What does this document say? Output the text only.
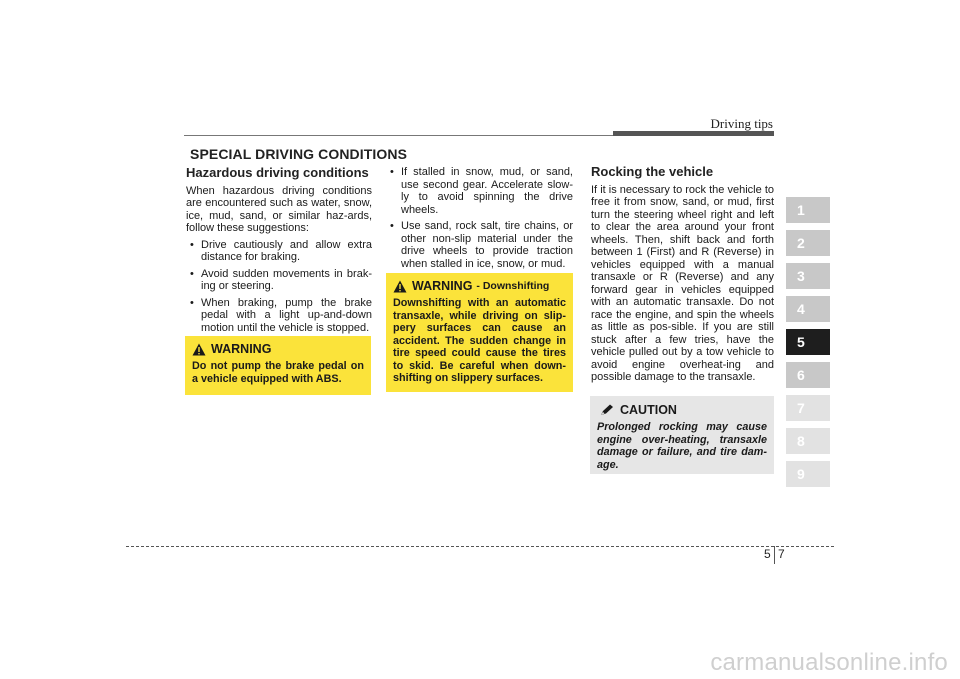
Driving tips
SPECIAL DRIVING CONDITIONS
Hazardous driving conditions

When hazardous driving conditions are encountered such as water, snow, ice, mud, sand, or similar haz-ards, follow these suggestions:

• Drive cautiously and allow extra distance for braking.
• Avoid sudden movements in brak-ing or steering.
• When braking, pump the brake pedal with a light up-and-down motion until the vehicle is stopped.
WARNING
Do not pump the brake pedal on a vehicle equipped with ABS.
• If stalled in snow, mud, or sand, use second gear. Accelerate slow-ly to avoid spinning the drive wheels.
• Use sand, rock salt, tire chains, or other non-slip material under the drive wheels to provide traction when stalled in ice, snow, or mud.
WARNING - Downshifting
Downshifting with an automatic transaxle, while driving on slip-pery surfaces can cause an accident. The sudden change in tire speed could cause the tires to skid. Be careful when down-shifting on slippery surfaces.
Rocking the vehicle

If it is necessary to rock the vehicle to free it from snow, sand, or mud, first turn the steering wheel right and left to clear the area around your front wheels. Then, shift back and forth between 1 (First) and R (Reverse) in vehicles equipped with a manual transaxle or R (Reverse) and any forward gear in vehicles equipped with an automatic transaxle. Do not race the engine, and spin the wheels as little as pos-sible. If you are still stuck after a few tries, have the vehicle pulled out by a tow vehicle to avoid engine overheat-ing and possible damage to the transaxle.

CAUTION
Prolonged rocking may cause engine over-heating, transaxle damage or failure, and tire dam-age.
1
2
3
4
5
6
7
8
9
5 7
carmanualsonline.info
